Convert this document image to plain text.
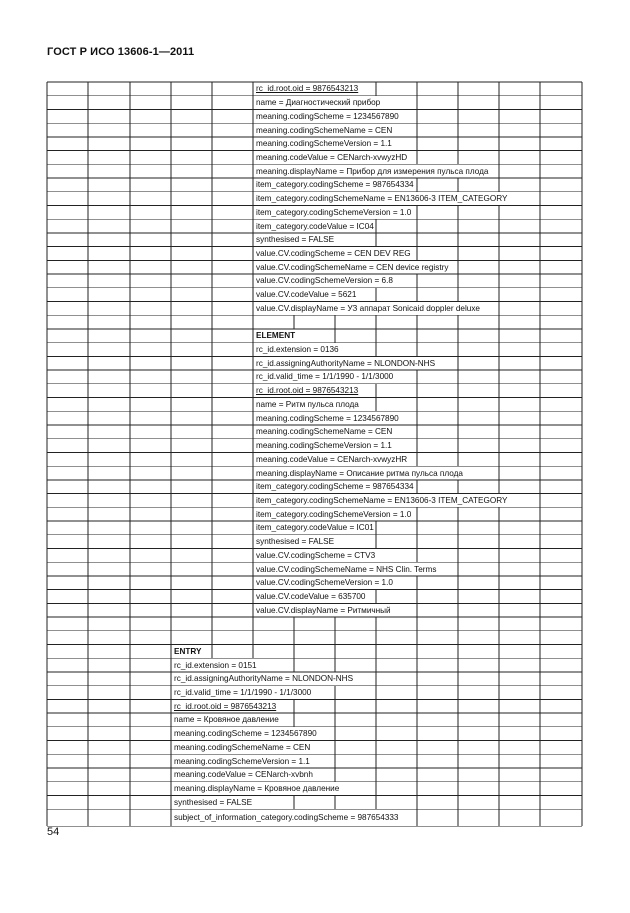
ГОСТ Р ИСО 13606-1—2011
rc_id.root.oid = 9876543213
name = Диагностический прибор
meaning.codingScheme = 1234567890
meaning.codingSchemeName = CEN
meaning.codingSchemeVersion = 1.1
meaning.codeValue = CENarch-xvwyzHD
meaning.displayName = Прибор для измерения пульса плода
item_category.codingScheme = 987654334
item_category.codingSchemeName = EN13606-3 ITEM_CATEGORY
item_category.codingSchemeVersion = 1.0
item_category.codeValue = IC04
synthesised = FALSE
value.CV.codingScheme = CEN DEV REG
value.CV.codingSchemeName = CEN device registry
value.CV.codingSchemeVersion = 6.8
value.CV.codeValue = 5621
value.CV.displayName = УЗ аппарат Sonicaid doppler deluxe
ELEMENT
rc_id.extension = 0136
rc_id.assigningAuthorityName = NLONDON-NHS
rc_id.valid_time = 1/1/1990 - 1/1/3000
rc_id.root.oid = 9876543213
name = Ритм пульса плода
meaning.codingScheme = 1234567890
meaning.codingSchemeName = CEN
meaning.codingSchemeVersion = 1.1
meaning.codeValue = CENarch-xvwyzHR
meaning.displayName = Описание ритма пульса плода
item_category.codingScheme = 987654334
item_category.codingSchemeName = EN13606-3 ITEM_CATEGORY
item_category.codingSchemeVersion = 1.0
item_category.codeValue = IC01
synthesised = FALSE
value.CV.codingScheme = CTV3
value.CV.codingSchemeName = NHS Clin. Terms
value.CV.codingSchemeVersion = 1.0
value.CV.codeValue = 635700
value.CV.displayName = Ритмичный
ENTRY
rc_id.extension = 0151
rc_id.assigningAuthorityName = NLONDON-NHS
rc_id.valid_time = 1/1/1990 - 1/1/3000
rc_id.root.oid = 9876543213
name = Кровяное давление
meaning.codingScheme = 1234567890
meaning.codingSchemeName = CEN
meaning.codingSchemeVersion = 1.1
meaning.codeValue = CENarch-xvbnh
meaning.displayName = Кровяное давление
synthesised = FALSE
subject_of_information_category.codingScheme = 987654333
54
